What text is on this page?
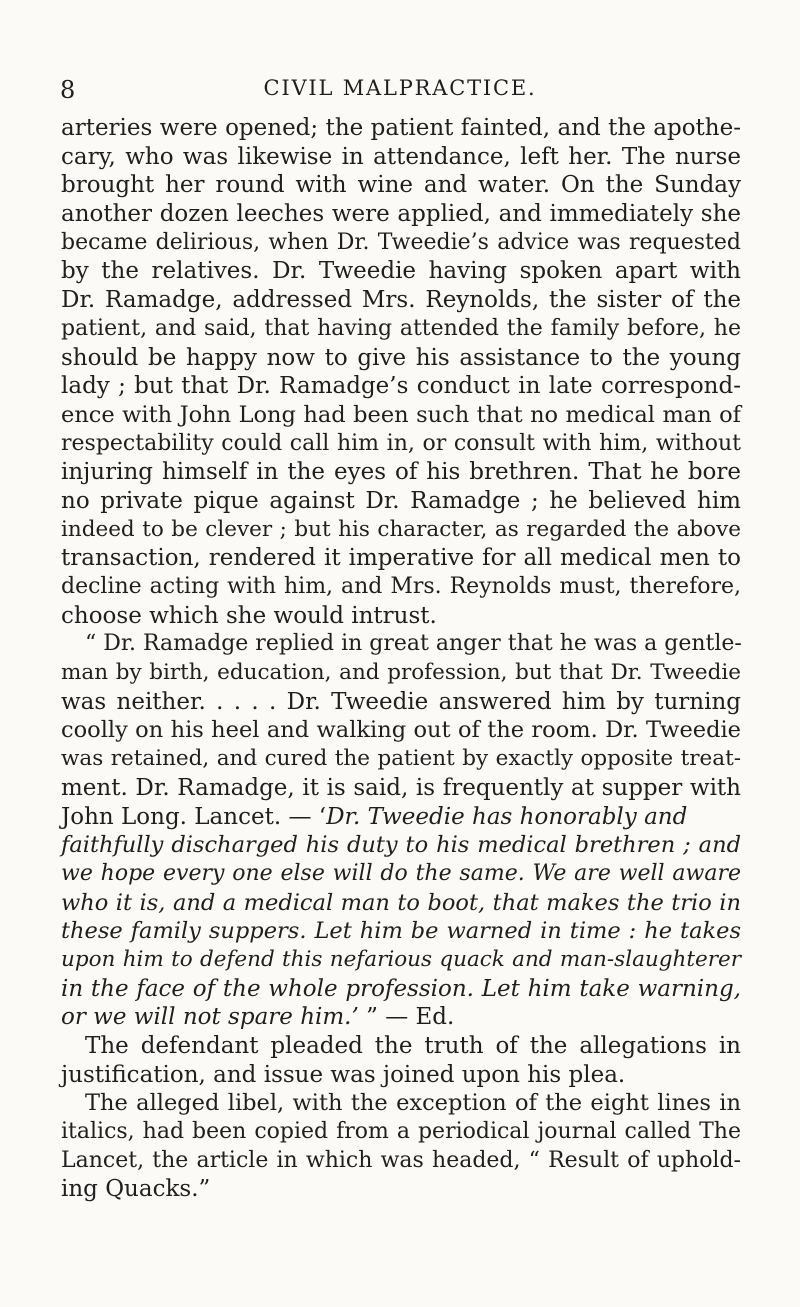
8	CIVIL MALPRACTICE.
arteries were opened; the patient fainted, and the apothe-
cary, who was likewise in attendance, left her. The nurse
brought her round with wine and water. On the Sunday
another dozen leeches were applied, and immediately she
became delirious, when Dr. Tweedie’s advice was requested
by the relatives. Dr. Tweedie having spoken apart with
Dr. Ramadge, addressed Mrs. Reynolds, the sister of the
patient, and said, that having attended the family before, he
should be happy now to give his assistance to the young
lady ; but that Dr. Ramadge’s conduct in late correspond-
ence with John Long had been such that no medical man of
respectability could call him in, or consult with him, without
injuring himself in the eyes of his brethren. That he bore
no private pique against Dr. Ramadge ; he believed him
indeed to be clever ; but his character, as regarded the above
transaction, rendered it imperative for all medical men to
decline acting with him, and Mrs. Reynolds must, therefore,
choose which she would intrust.
“ Dr. Ramadge replied in great anger that he was a gentle-
man by birth, education, and profession, but that Dr. Tweedie
was neither. . . . . Dr. Tweedie answered him by turning
coolly on his heel and walking out of the room. Dr. Tweedie
was retained, and cured the patient by exactly opposite treat-
ment. Dr. Ramadge, it is said, is frequently at supper with
John Long. Lancet. — ‘Dr. Tweedie has honorably and
faithfully discharged his duty to his medical brethren ; and
we hope every one else will do the same. We are well aware
who it is, and a medical man to boot, that makes the trio in
these family suppers. Let him be warned in time : he takes
upon him to defend this nefarious quack and man-slaughterer
in the face of the whole profession. Let him take warning,
or we will not spare him.’ ” — Ed.
The defendant pleaded the truth of the allegations in
justification, and issue was joined upon his plea.
The alleged libel, with the exception of the eight lines in
italics, had been copied from a periodical journal called The
Lancet, the article in which was headed, “ Result of uphold-
ing Quacks.”
